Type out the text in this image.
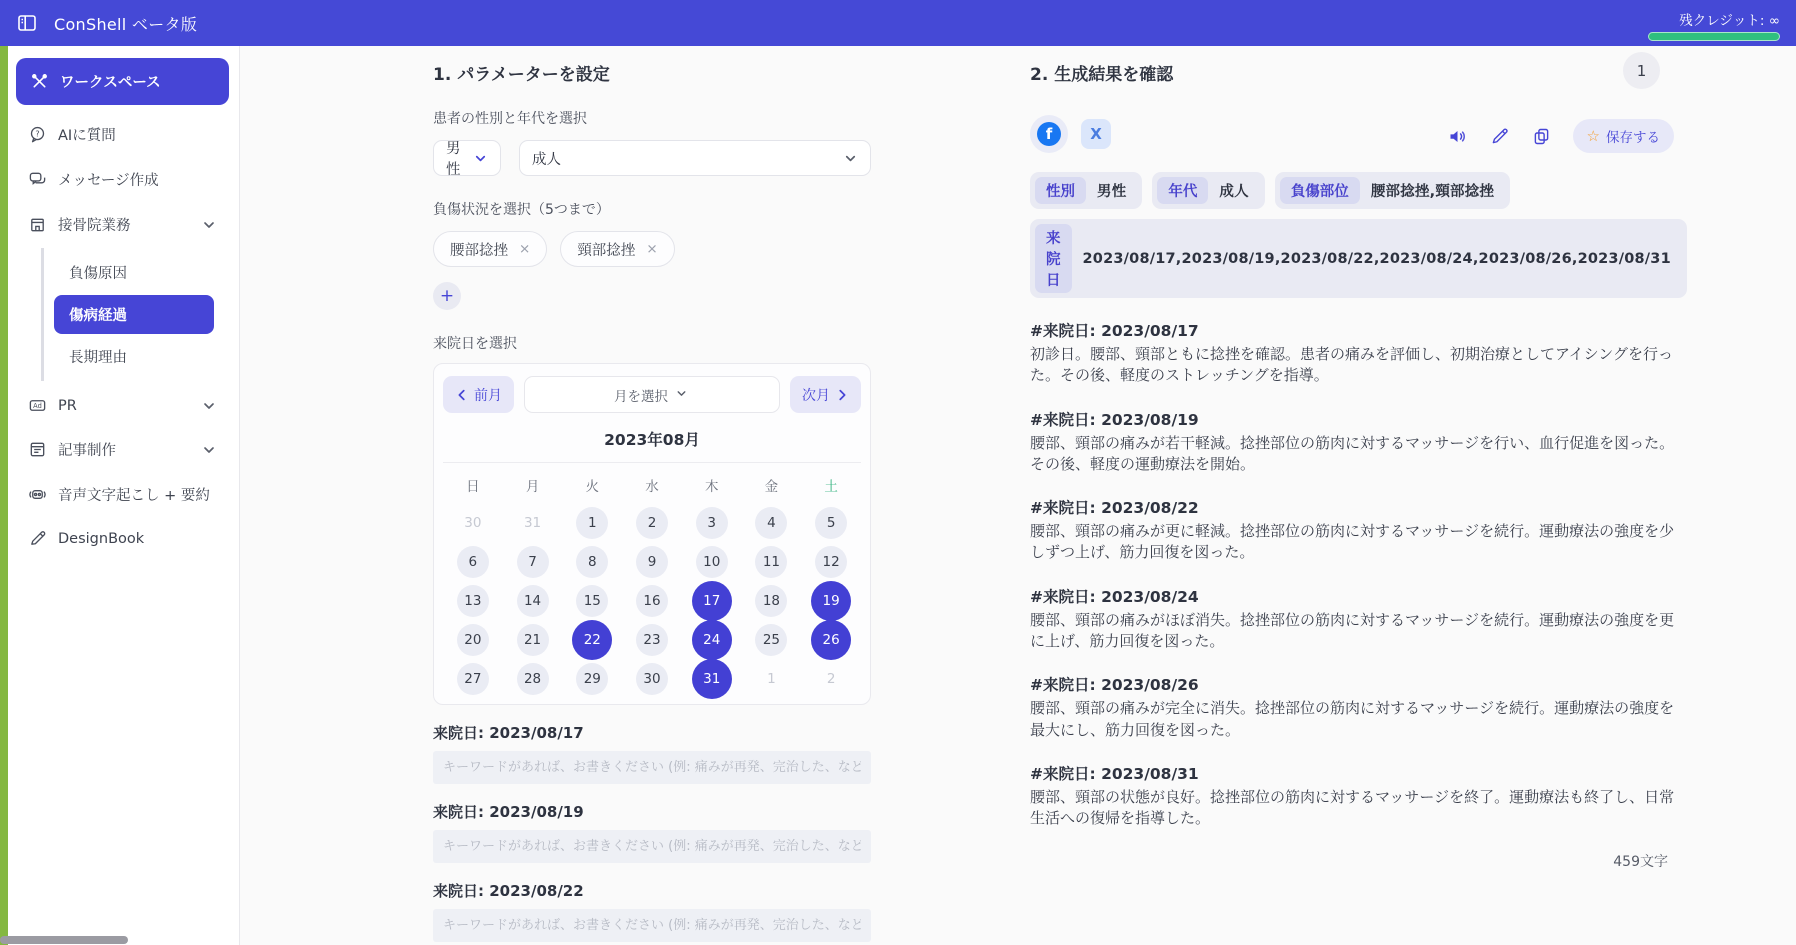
ConShell ベータ版	残クレジット: ∞
ワークスペース
? AIに質問
メッセージ作成
接骨院業務
負傷原因
傷病経過
長期理由
Ad PR
記事制作
音声文字起こし + 要約
DesignBook
1. パラメーターを設定
患者の性別と年代を選択
男性
成人
負傷状況を選択（5つまで）
腰部捻挫 ×	頸部捻挫 ×
+
来院日を選択
前月	月を選択	次月
2023年08月
日	月	火	水	木	金	土
30	31	1	2	3	4	5
6	7	8	9	10	11	12
13	14	15	16	17	18	19
20	21	22	23	24	25	26
27	28	29	30	31	1	2
来院日: 2023/08/17
キーワードがあれば、お書きください (例: 痛みが再発、完治した、など)
来院日: 2023/08/19
キーワードがあれば、お書きください (例: 痛みが再発、完治した、など)
来院日: 2023/08/22
キーワードがあれば、お書きください (例: 痛みが再発、完治した、など)
2. 生成結果を確認	1
f	X	☆ 保存する
性別	男性	年代	成人	負傷部位	腰部捻挫,頸部捻挫
来院日
2023/08/17,2023/08/19,2023/08/22,2023/08/24,2023/08/26,2023/08/31
#来院日: 2023/08/17
初診日。腰部、頸部ともに捻挫を確認。患者の痛みを評価し、初期治療としてアイシングを行った。その後、軽度のストレッチングを指導。
#来院日: 2023/08/19
腰部、頸部の痛みが若干軽減。捻挫部位の筋肉に対するマッサージを行い、血行促進を図った。その後、軽度の運動療法を開始。
#来院日: 2023/08/22
腰部、頸部の痛みが更に軽減。捻挫部位の筋肉に対するマッサージを続行。運動療法の強度を少しずつ上げ、筋力回復を図った。
#来院日: 2023/08/24
腰部、頸部の痛みがほぼ消失。捻挫部位の筋肉に対するマッサージを続行。運動療法の強度を更に上げ、筋力回復を図った。
#来院日: 2023/08/26
腰部、頸部の痛みが完全に消失。捻挫部位の筋肉に対するマッサージを続行。運動療法の強度を最大にし、筋力回復を図った。
#来院日: 2023/08/31
腰部、頸部の状態が良好。捻挫部位の筋肉に対するマッサージを終了。運動療法も終了し、日常生活への復帰を指導した。
459文字
